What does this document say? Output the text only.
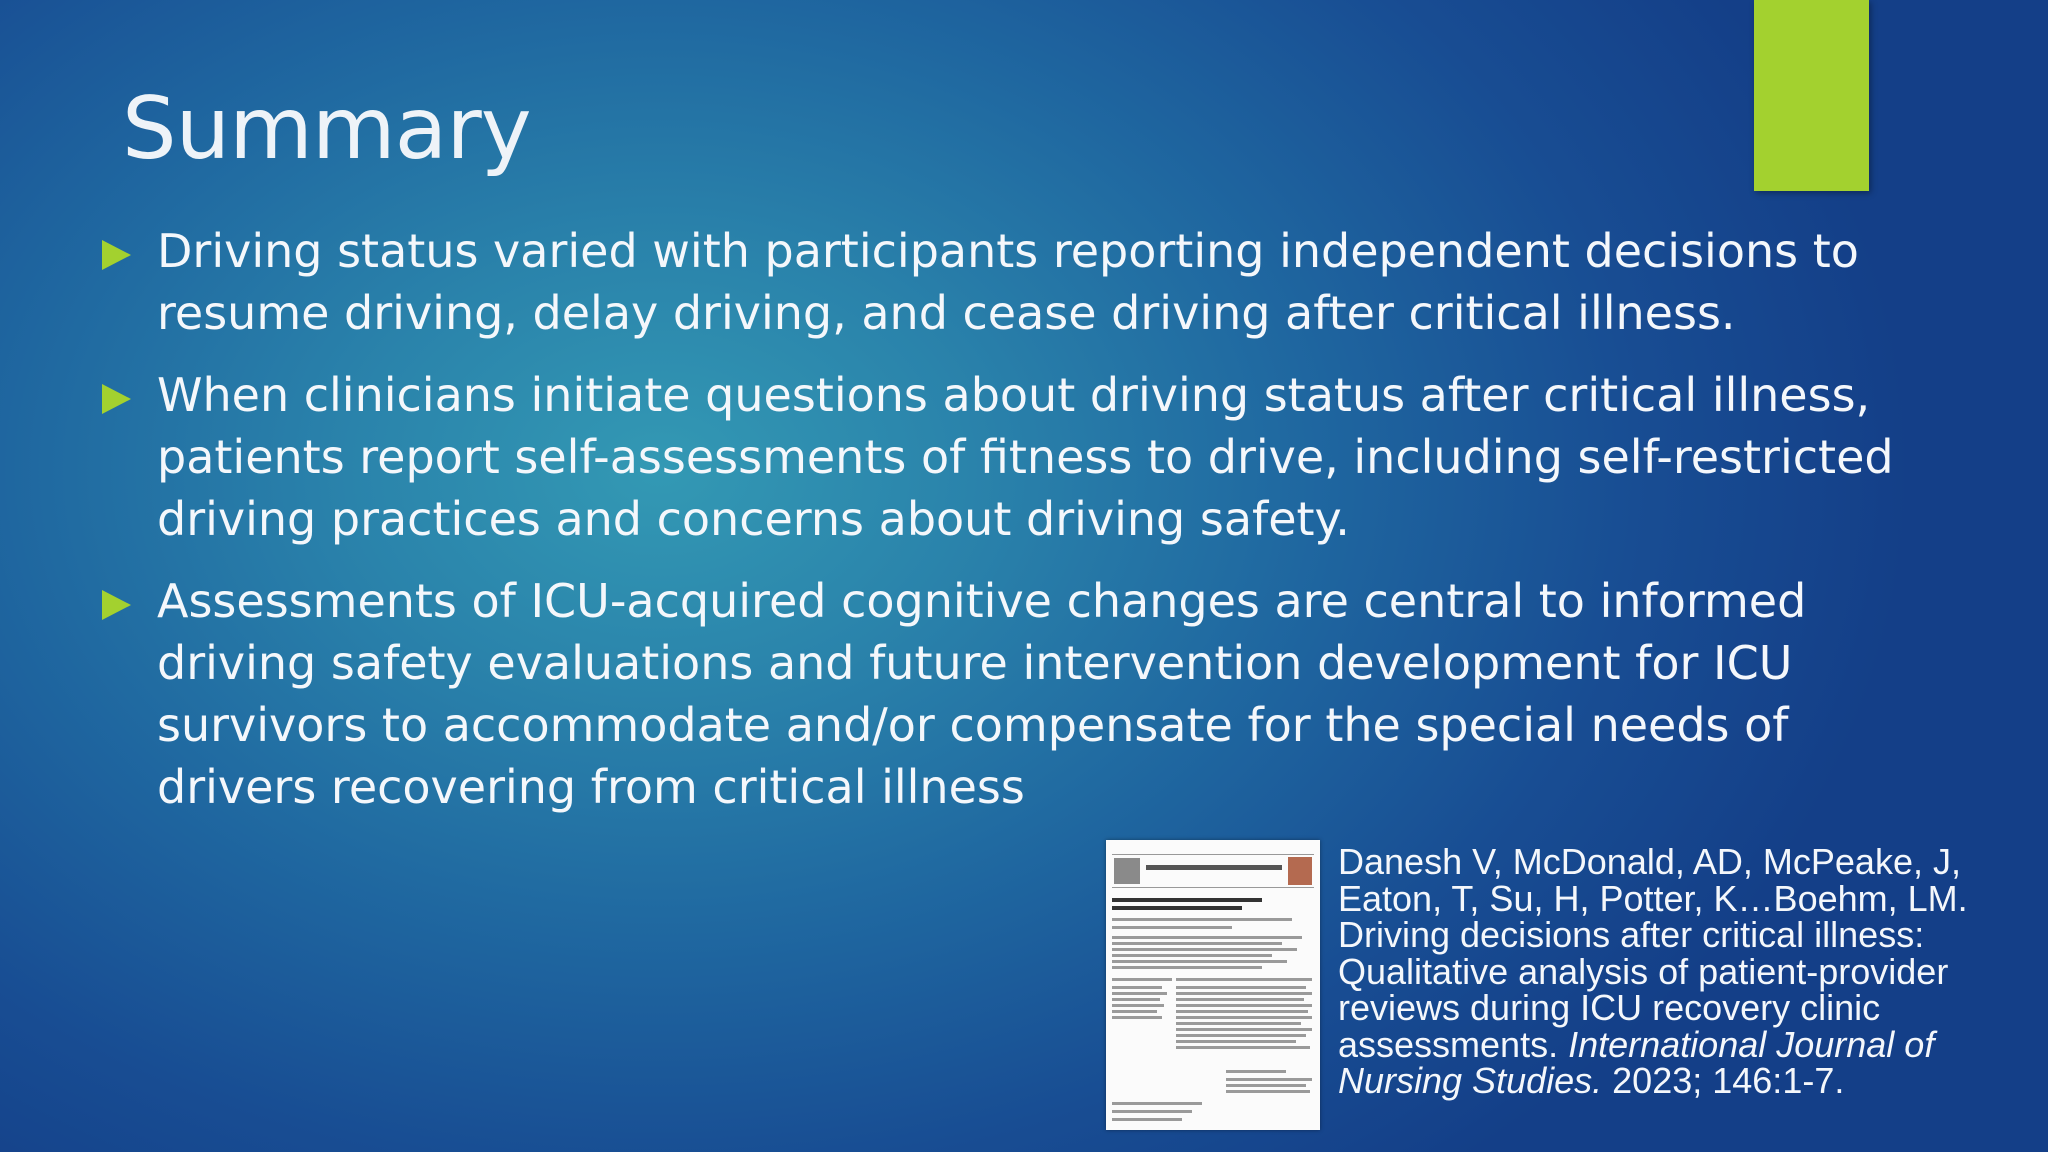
Summary
Driving status varied with participants reporting independent decisions to resume driving, delay driving, and cease driving after critical illness.
When clinicians initiate questions about driving status after critical illness, patients report self-assessments of fitness to drive, including self-restricted driving practices and concerns about driving safety.
Assessments of ICU-acquired cognitive changes are central to informed driving safety evaluations and future intervention development for ICU survivors to accommodate and/or compensate for the special needs of drivers recovering from critical illness

Danesh V, McDonald, AD, McPeake, J, Eaton, T, Su, H, Potter, K…Boehm, LM. Driving decisions after critical illness: Qualitative analysis of patient-provider reviews during ICU recovery clinic assessments. International Journal of Nursing Studies. 2023; 146:1-7.
